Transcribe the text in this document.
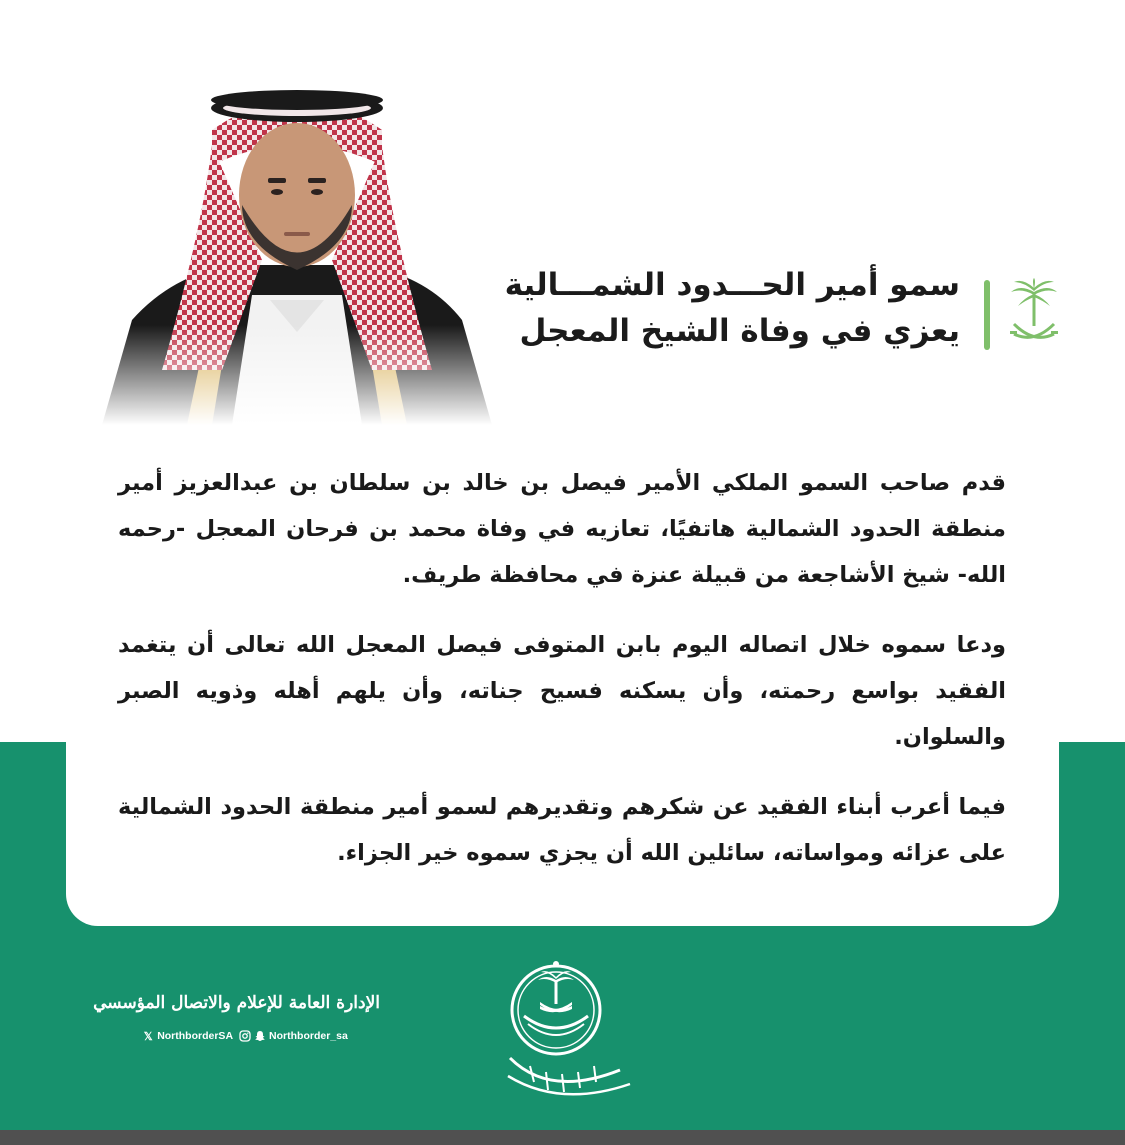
سمو أمير الحـــدود الشمـــالية
يعزي في وفاة الشيخ المعجل

قدم صاحب السمو الملكي الأمير فيصل بن خالد بن سلطان بن عبدالعزيز أمير منطقة الحدود الشمالية هاتفيًا، تعازيه في وفاة محمد بن فرحان المعجل -رحمه الله- شيخ الأشاجعة من قبيلة عنزة في محافظة طريف.

ودعا سموه خلال اتصاله اليوم بابن المتوفى فيصل المعجل الله تعالى أن يتغمد الفقيد بواسع رحمته، وأن يسكنه فسيح جناته، وأن يلهم أهله وذويه الصبر والسلوان.

فيما أعرب أبناء الفقيد عن شكرهم وتقديرهم لسمو أمير منطقة الحدود الشمالية على عزائه ومواساته، سائلين الله أن يجزي سموه خير الجزاء.

الإدارة العامة للإعلام والاتصال المؤسسي
𝕏 NorthborderSA	Northborder_sa
